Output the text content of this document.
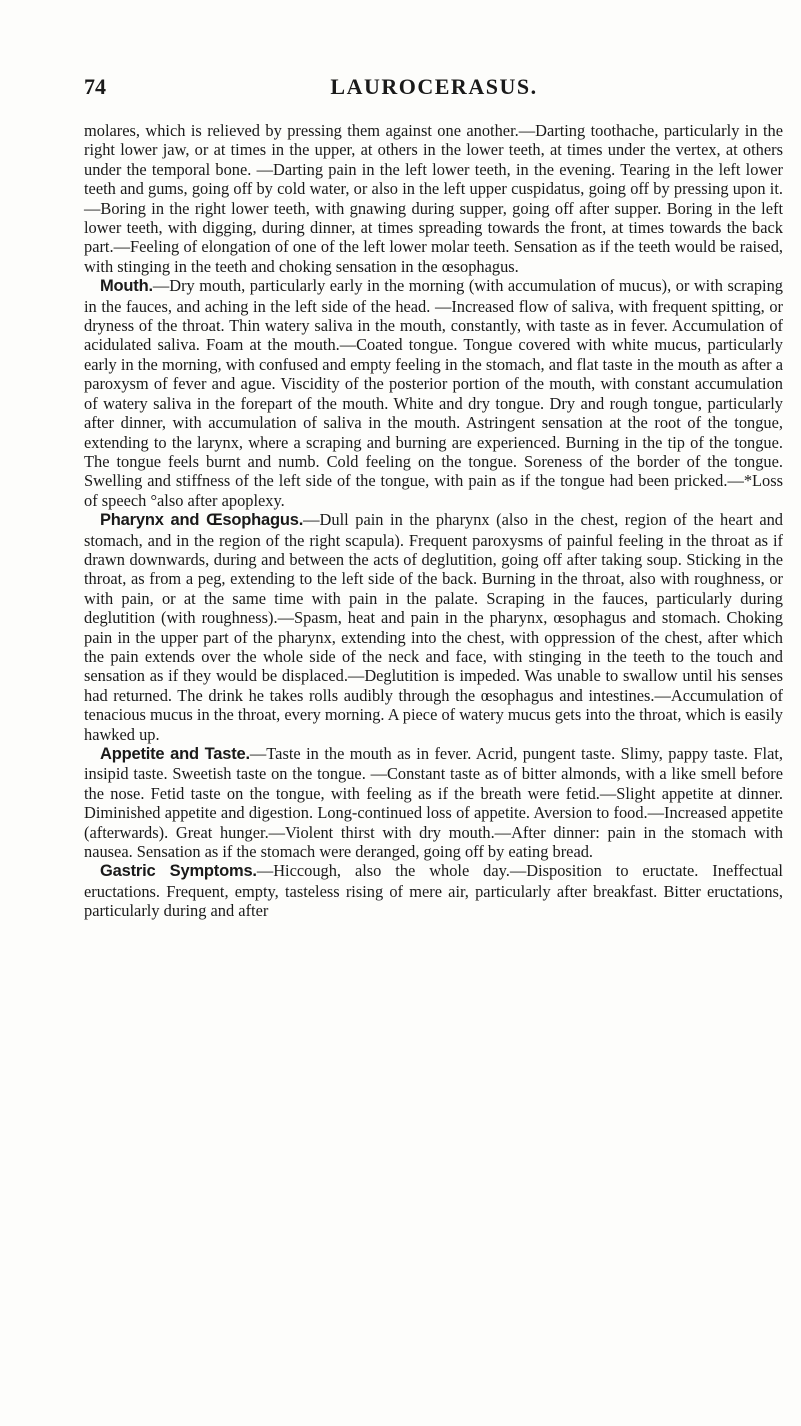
74	LAUROCERASUS.

molares, which is relieved by pressing them against one another.—Darting toothache, particularly in the right lower jaw, or at times in the upper, at others in the lower teeth, at times under the vertex, at others under the temporal bone. —Darting pain in the left lower teeth, in the evening. Tearing in the left lower teeth and gums, going off by cold water, or also in the left upper cuspidatus, going off by pressing upon it.—Boring in the right lower teeth, with gnawing during supper, going off after supper. Boring in the left lower teeth, with digging, during dinner, at times spreading towards the front, at times towards the back part.—Feeling of elongation of one of the left lower molar teeth. Sensation as if the teeth would be raised, with stinging in the teeth and choking sensation in the œsophagus.

Mouth.—Dry mouth, particularly early in the morning (with accumulation of mucus), or with scraping in the fauces, and aching in the left side of the head. —Increased flow of saliva, with frequent spitting, or dryness of the throat. Thin watery saliva in the mouth, constantly, with taste as in fever. Accumulation of acidulated saliva. Foam at the mouth.—Coated tongue. Tongue covered with white mucus, particularly early in the morning, with confused and empty feeling in the stomach, and flat taste in the mouth as after a paroxysm of fever and ague. Viscidity of the posterior portion of the mouth, with constant accumulation of watery saliva in the forepart of the mouth. White and dry tongue. Dry and rough tongue, particularly after dinner, with accumulation of saliva in the mouth. Astringent sensation at the root of the tongue, extending to the larynx, where a scraping and burning are experienced. Burning in the tip of the tongue. The tongue feels burnt and numb. Cold feeling on the tongue. Soreness of the border of the tongue. Swelling and stiffness of the left side of the tongue, with pain as if the tongue had been pricked.—*Loss of speech °also after apoplexy.

Pharynx and Œsophagus.—Dull pain in the pharynx (also in the chest, region of the heart and stomach, and in the region of the right scapula). Frequent paroxysms of painful feeling in the throat as if drawn downwards, during and between the acts of deglutition, going off after taking soup. Sticking in the throat, as from a peg, extending to the left side of the back. Burning in the throat, also with roughness, or with pain, or at the same time with pain in the palate. Scraping in the fauces, particularly during deglutition (with roughness).—Spasm, heat and pain in the pharynx, œsophagus and stomach. Choking pain in the upper part of the pharynx, extending into the chest, with oppression of the chest, after which the pain extends over the whole side of the neck and face, with stinging in the teeth to the touch and sensation as if they would be displaced.—Deglutition is impeded. Was unable to swallow until his senses had returned. The drink he takes rolls audibly through the œsophagus and intestines.—Accumulation of tenacious mucus in the throat, every morning. A piece of watery mucus gets into the throat, which is easily hawked up.

Appetite and Taste.—Taste in the mouth as in fever. Acrid, pungent taste. Slimy, pappy taste. Flat, insipid taste. Sweetish taste on the tongue. —Constant taste as of bitter almonds, with a like smell before the nose. Fetid taste on the tongue, with feeling as if the breath were fetid.—Slight appetite at dinner. Diminished appetite and digestion. Long-continued loss of appetite. Aversion to food.—Increased appetite (afterwards). Great hunger.—Violent thirst with dry mouth.—After dinner: pain in the stomach with nausea. Sensation as if the stomach were deranged, going off by eating bread.

Gastric Symptoms.—Hiccough, also the whole day.—Disposition to eructate. Ineffectual eructations. Frequent, empty, tasteless rising of mere air, particularly after breakfast. Bitter eructations, particularly during and after
